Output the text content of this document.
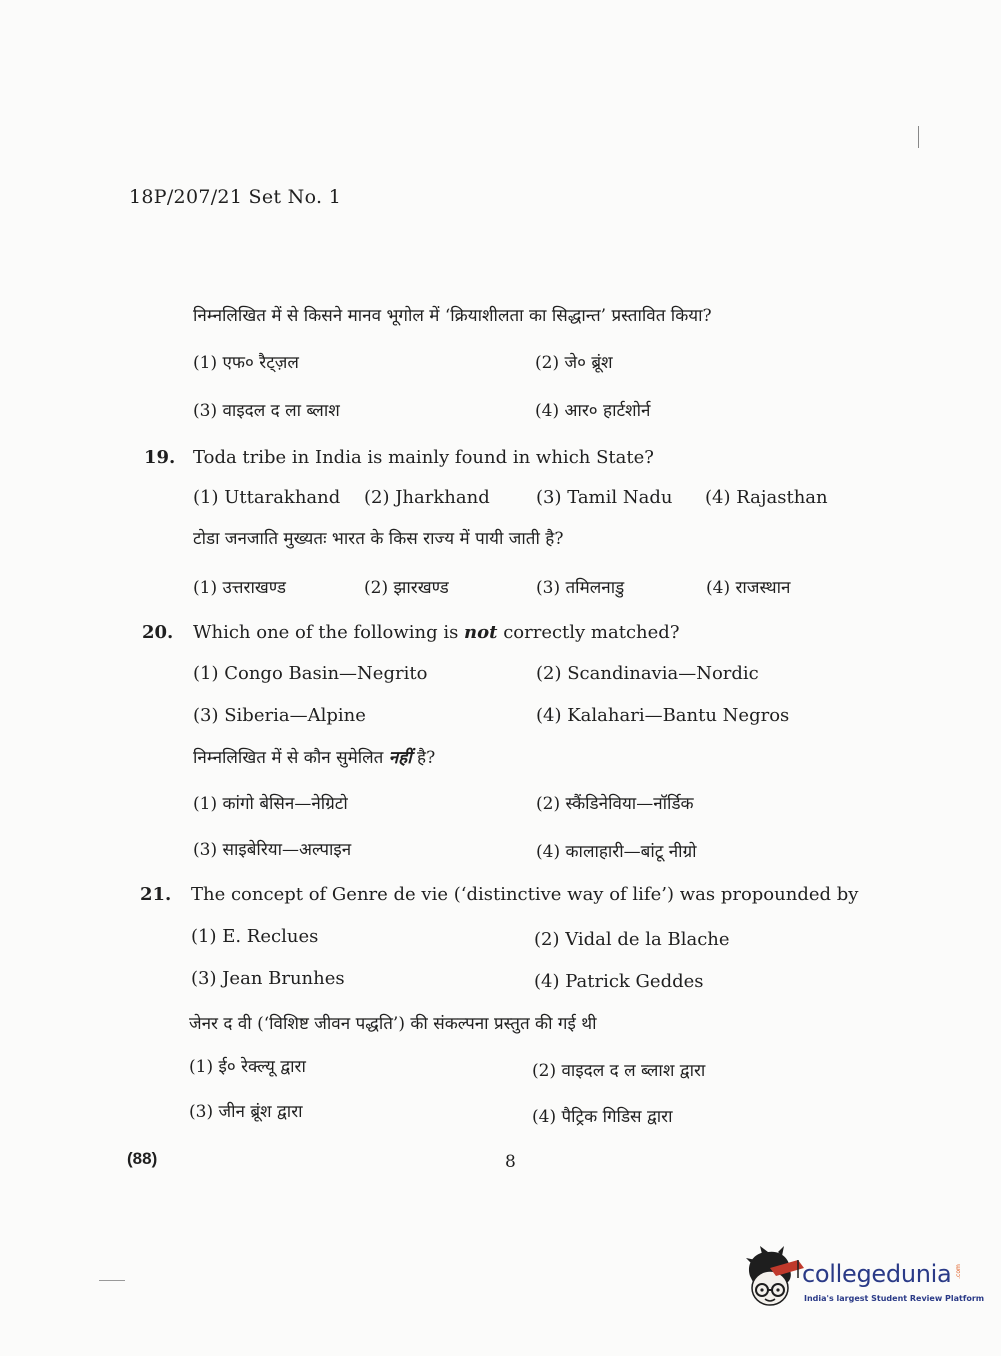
18P/207/21 Set No. 1
निम्नलिखित में से किसने मानव भूगोल में ‘क्रियाशीलता का सिद्धान्त’ प्रस्तावित किया?
(1) एफ० रैट्ज़ल	(2) जे० ब्रूंश
(3) वाइदल द ला ब्लाश	(4) आर० हार्टशोर्न
19. Toda tribe in India is mainly found in which State?
(1) Uttarakhand (2) Jharkhand	(3) Tamil Nadu (4) Rajasthan
टोडा जनजाति मुख्यतः भारत के किस राज्य में पायी जाती है?
(1) उत्तराखण्ड	(2) झारखण्ड	(3) तमिलनाडु	(4) राजस्थान
20. Which one of the following is not correctly matched?
(1) Congo Basin—Negrito	(2) Scandinavia—Nordic
(3) Siberia—Alpine	(4) Kalahari—Bantu Negros
निम्नलिखित में से कौन सुमेलित नहीं है?
(1) कांगो बेसिन—नेग्रिटो	(2) स्कैंडिनेविया—नॉर्डिक
(3) साइबेरिया—अल्पाइन	(4) कालाहारी—बांटू नीग्रो
21. The concept of Genre de vie (‘distinctive way of life’) was propounded by
(1) E. Reclues	(2) Vidal de la Blache
(3) Jean Brunhes	(4) Patrick Geddes
जेनर द वी (‘विशिष्ट जीवन पद्धति’) की संकल्पना प्रस्तुत की गई थी
(1) ई० रेक्ल्यू द्वारा	(2) वाइदल द ल ब्लाश द्वारा
(3) जीन ब्रूंश द्वारा	(4) पैट्रिक गिडिस द्वारा
(88)	8
collegedunia .com
India's largest Student Review Platform
